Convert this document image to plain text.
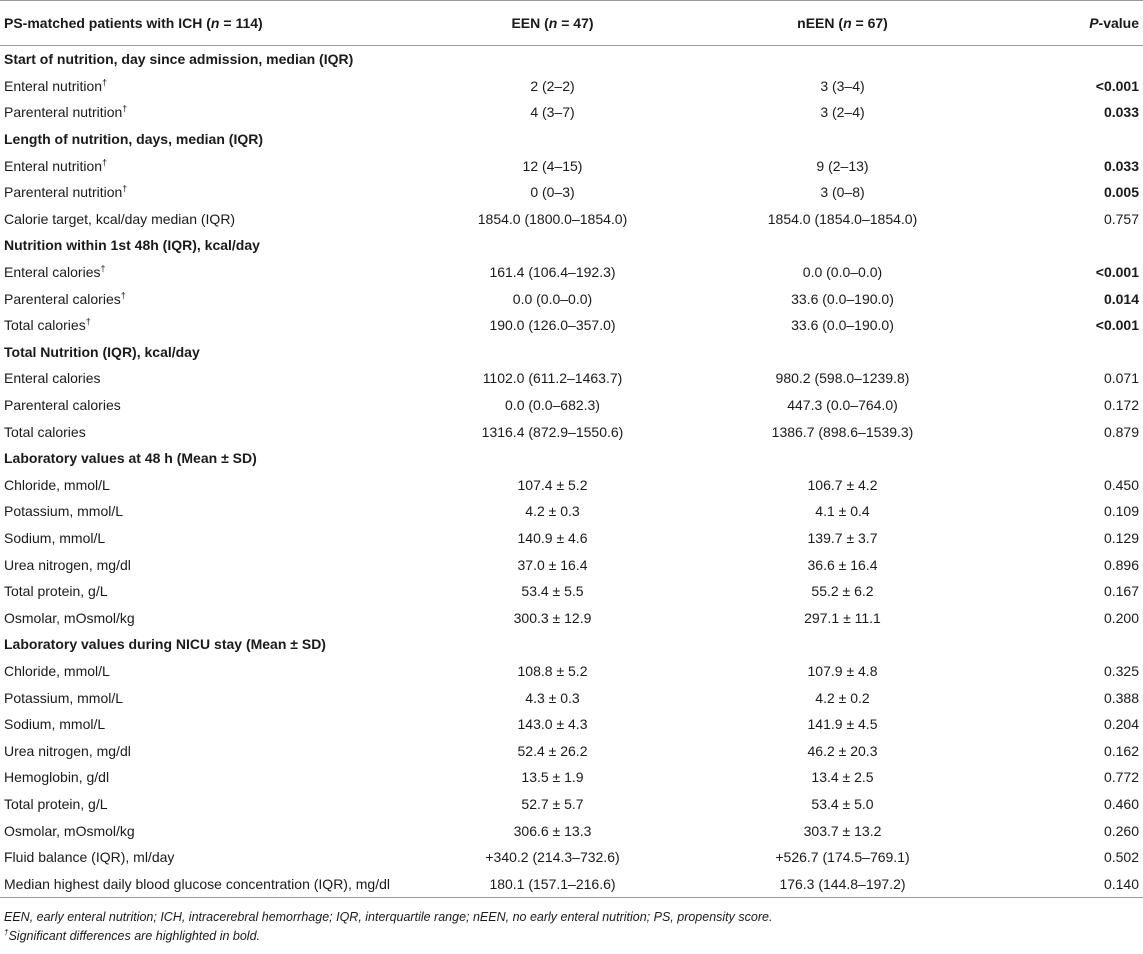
PS-matched patients with ICH (n = 114)	EEN (n = 47)	nEEN (n = 67)	P-value
Start of nutrition, day since admission, median (IQR)			
Enteral nutrition†	2 (2–2)	3 (3–4)	<0.001
Parenteral nutrition†	4 (3–7)	3 (2–4)	0.033
Length of nutrition, days, median (IQR)			
Enteral nutrition†	12 (4–15)	9 (2–13)	0.033
Parenteral nutrition†	0 (0–3)	3 (0–8)	0.005
Calorie target, kcal/day median (IQR)	1854.0 (1800.0–1854.0)	1854.0 (1854.0–1854.0)	0.757
Nutrition within 1st 48h (IQR), kcal/day			
Enteral calories†	161.4 (106.4–192.3)	0.0 (0.0–0.0)	<0.001
Parenteral calories†	0.0 (0.0–0.0)	33.6 (0.0–190.0)	0.014
Total calories†	190.0 (126.0–357.0)	33.6 (0.0–190.0)	<0.001
Total Nutrition (IQR), kcal/day			
Enteral calories	1102.0 (611.2–1463.7)	980.2 (598.0–1239.8)	0.071
Parenteral calories	0.0 (0.0–682.3)	447.3 (0.0–764.0)	0.172
Total calories	1316.4 (872.9–1550.6)	1386.7 (898.6–1539.3)	0.879
Laboratory values at 48 h (Mean ± SD)			
Chloride, mmol/L	107.4 ± 5.2	106.7 ± 4.2	0.450
Potassium, mmol/L	4.2 ± 0.3	4.1 ± 0.4	0.109
Sodium, mmol/L	140.9 ± 4.6	139.7 ± 3.7	0.129
Urea nitrogen, mg/dl	37.0 ± 16.4	36.6 ± 16.4	0.896
Total protein, g/L	53.4 ± 5.5	55.2 ± 6.2	0.167
Osmolar, mOsmol/kg	300.3 ± 12.9	297.1 ± 11.1	0.200
Laboratory values during NICU stay (Mean ± SD)			
Chloride, mmol/L	108.8 ± 5.2	107.9 ± 4.8	0.325
Potassium, mmol/L	4.3 ± 0.3	4.2 ± 0.2	0.388
Sodium, mmol/L	143.0 ± 4.3	141.9 ± 4.5	0.204
Urea nitrogen, mg/dl	52.4 ± 26.2	46.2 ± 20.3	0.162
Hemoglobin, g/dl	13.5 ± 1.9	13.4 ± 2.5	0.772
Total protein, g/L	52.7 ± 5.7	53.4 ± 5.0	0.460
Osmolar, mOsmol/kg	306.6 ± 13.3	303.7 ± 13.2	0.260
Fluid balance (IQR), ml/day	+340.2 (214.3–732.6)	+526.7 (174.5–769.1)	0.502
Median highest daily blood glucose concentration (IQR), mg/dl	180.1 (157.1–216.6)	176.3 (144.8–197.2)	0.140
EEN, early enteral nutrition; ICH, intracerebral hemorrhage; IQR, interquartile range; nEEN, no early enteral nutrition; PS, propensity score.
†Significant differences are highlighted in bold.
